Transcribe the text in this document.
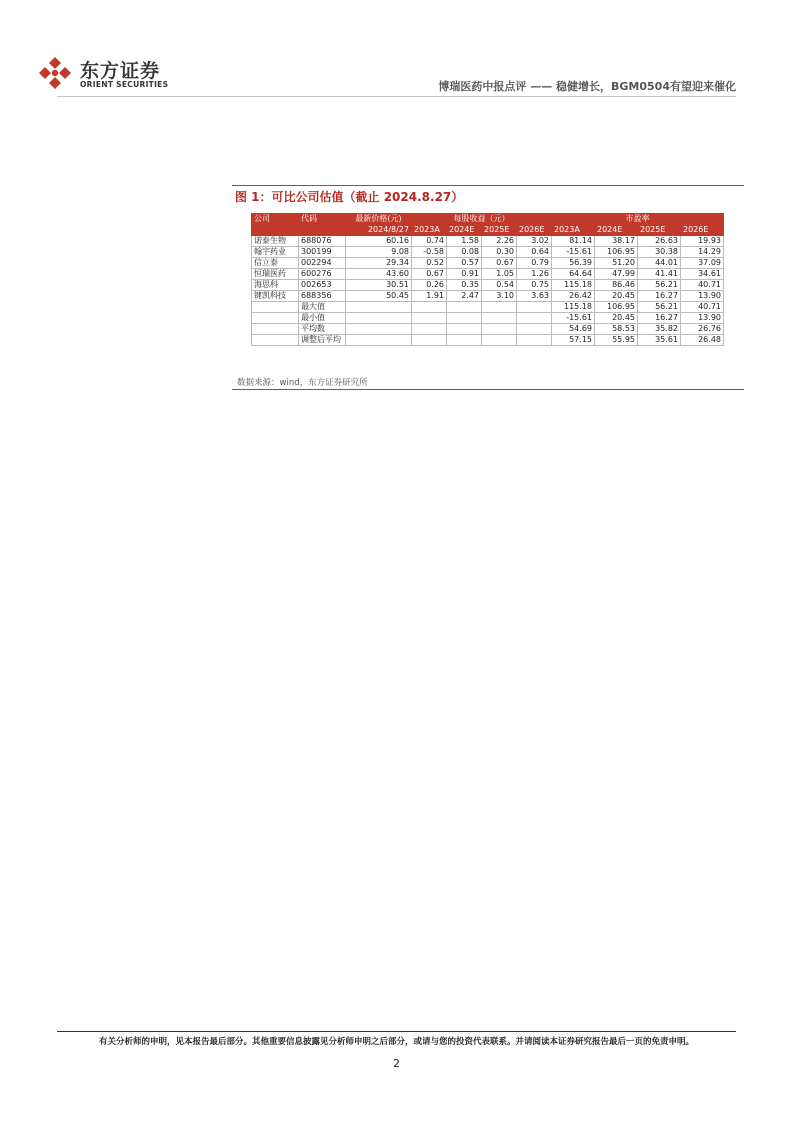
东方证券
ORIENT SECURITIES	博瑞医药中报点评 —— 稳健增长，BGM0504有望迎来催化
图 1：可比公司估值（截止 2024.8.27）
公司	代码	最新价格(元)	每股收益（元）				市盈率			
		2024/8/27	2023A	2024E	2025E	2026E	2023A	2024E	2025E	2026E
诺泰生物	688076	60.16	0.74	1.58	2.26	3.02	81.14	38.17	26.63	19.93
翰宇药业	300199	9.08	-0.58	0.08	0.30	0.64	-15.61	106.95	30.38	14.29
信立泰	002294	29.34	0.52	0.57	0.67	0.79	56.39	51.20	44.01	37.09
恒瑞医药	600276	43.60	0.67	0.91	1.05	1.26	64.64	47.99	41.41	34.61
海思科	002653	30.51	0.26	0.35	0.54	0.75	115.18	86.46	56.21	40.71
键凯科技	688356	50.45	1.91	2.47	3.10	3.63	26.42	20.45	16.27	13.90
	最大值						115.18	106.95	56.21	40.71
	最小值						-15.61	20.45	16.27	13.90
	平均数						54.69	58.53	35.82	26.76
	调整后平均						57.15	55.95	35.61	26.48
数据来源：wind，东方证券研究所
有关分析师的申明，见本报告最后部分。其他重要信息披露见分析师申明之后部分，或请与您的投资代表联系。并请阅读本证券研究报告最后一页的免责申明。
2
